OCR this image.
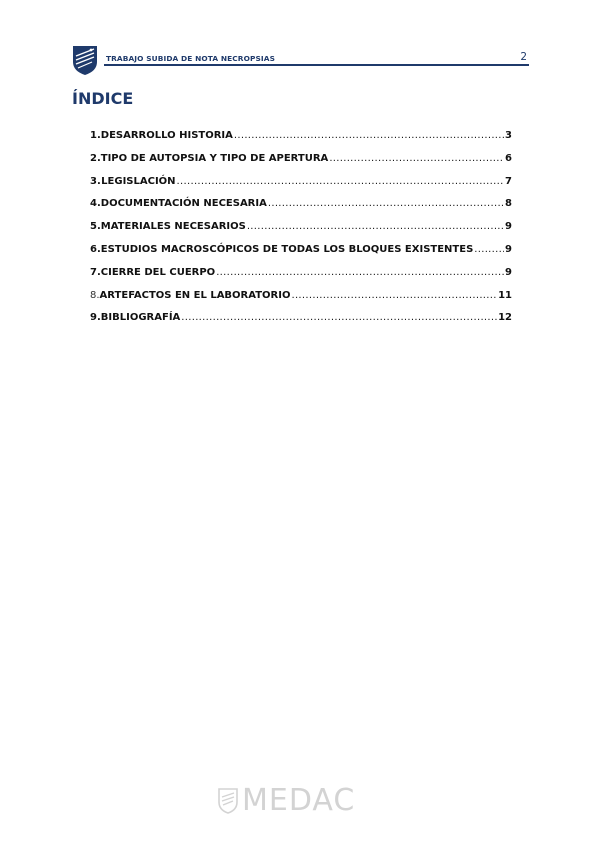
TRABAJO SUBIDA DE NOTA NECROPSIAS	2
ÍNDICE
1. DESARROLLO HISTORIA .....	3
2. TIPO DE AUTOPSIA Y TIPO DE APERTURA .....	6
3. LEGISLACIÓN .....	7
4. DOCUMENTACIÓN NECESARIA .....	8
5. MATERIALES NECESARIOS .....	9
6. ESTUDIOS MACROSCÓPICOS DE TODAS LOS BLOQUES EXISTENTES .....	9
7. CIERRE DEL CUERPO .....	9
8. ARTEFACTOS EN EL LABORATORIO .....	11
9. BIBLIOGRAFÍA .....	12
MEDAC
